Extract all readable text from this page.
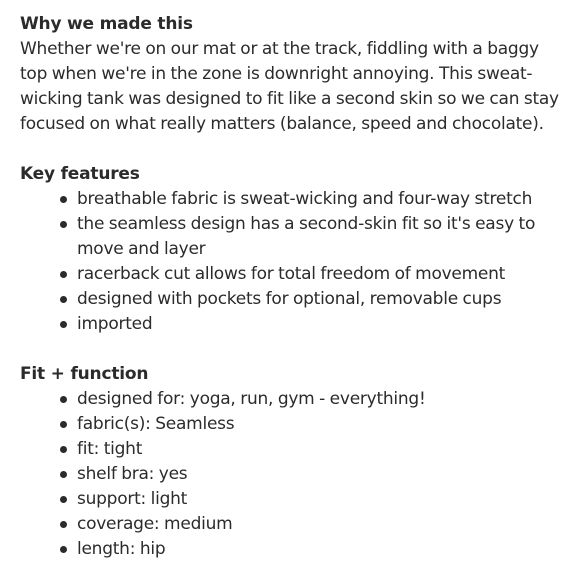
Why we made this

Whether we're on our mat or at the track, fiddling with a baggy top when we're in the zone is downright annoying. This sweat-wicking tank was designed to fit like a second skin so we can stay focused on what really matters (balance, speed and chocolate).

Key features
breathable fabric is sweat-wicking and four-way stretch
the seamless design has a second-skin fit so it's easy to move and layer
racerback cut allows for total freedom of movement
designed with pockets for optional, removable cups
imported
Fit + function
designed for: yoga, run, gym - everything!
fabric(s): Seamless
fit: tight
shelf bra: yes
support: light
coverage: medium
length: hip
